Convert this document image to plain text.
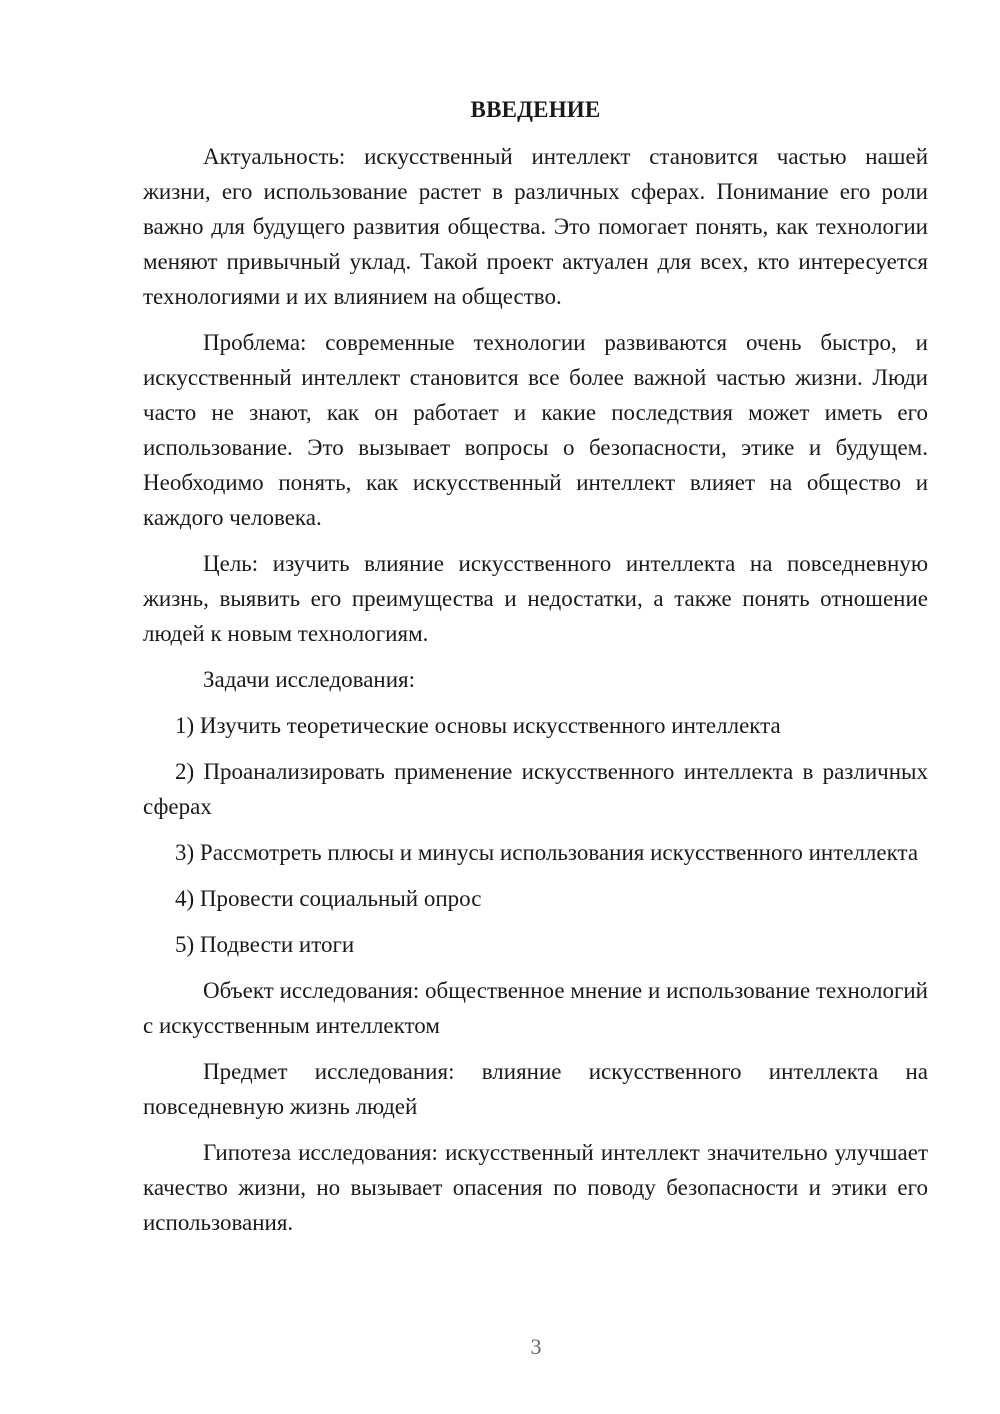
ВВЕДЕНИЕ

Актуальность: искусственный интеллект становится частью нашей жизни, его использование растет в различных сферах. Понимание его роли важно для будущего развития общества. Это помогает понять, как технологии меняют привычный уклад. Такой проект актуален для всех, кто интересуется технологиями и их влиянием на общество.

Проблема: современные технологии развиваются очень быстро, и искусственный интеллект становится все более важной частью жизни. Люди часто не знают, как он работает и какие последствия может иметь его использование. Это вызывает вопросы о безопасности, этике и будущем. Необходимо понять, как искусственный интеллект влияет на общество и каждого человека.

Цель: изучить влияние искусственного интеллекта на повседневную жизнь, выявить его преимущества и недостатки, а также понять отношение людей к новым технологиям.

Задачи исследования:

1) Изучить теоретические основы искусственного интеллекта

2) Проанализировать применение искусственного интеллекта в различных сферах

3) Рассмотреть плюсы и минусы использования искусственного интеллекта

4) Провести социальный опрос

5) Подвести итоги

Объект исследования: общественное мнение и использование технологий с искусственным интеллектом

Предмет исследования: влияние искусственного интеллекта на повседневную жизнь людей

Гипотеза исследования: искусственный интеллект значительно улучшает качество жизни, но вызывает опасения по поводу безопасности и этики его использования.

3
